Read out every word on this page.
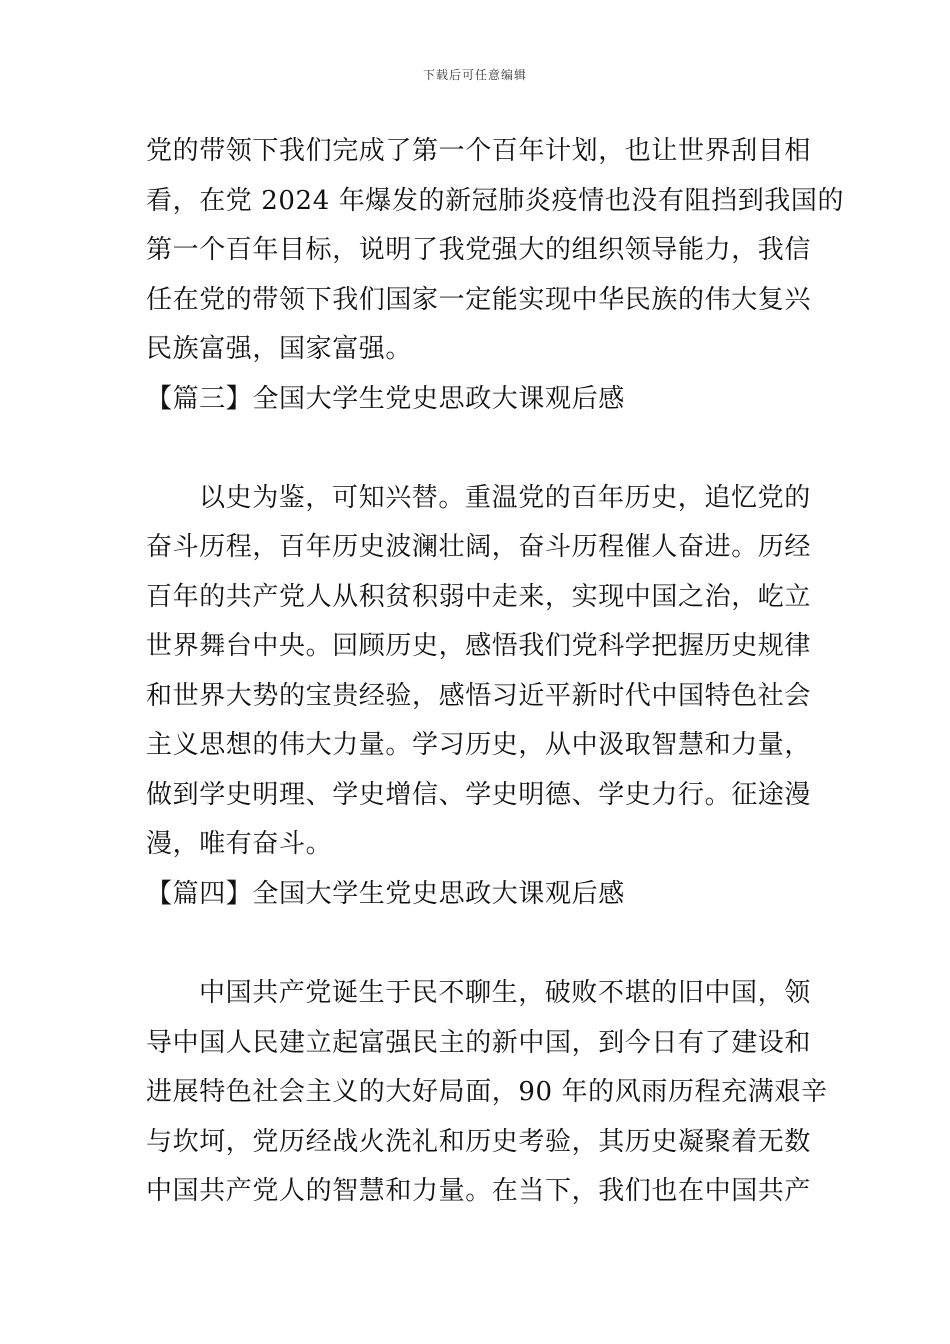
下载后可任意编辑
党的带领下我们完成了第一个百年计划，也让世界刮目相
看，在党 2024 年爆发的新冠肺炎疫情也没有阻挡到我国的
第一个百年目标，说明了我党强大的组织领导能力，我信
任在党的带领下我们国家一定能实现中华民族的伟大复兴
民族富强，国家富强。
【篇三】全国大学生党史思政大课观后感
以史为鉴，可知兴替。重温党的百年历史，追忆党的
奋斗历程，百年历史波澜壮阔，奋斗历程催人奋进。历经
百年的共产党人从积贫积弱中走来，实现中国之治，屹立
世界舞台中央。回顾历史，感悟我们党科学把握历史规律
和世界大势的宝贵经验，感悟习近平新时代中国特色社会
主义思想的伟大力量。学习历史，从中汲取智慧和力量，
做到学史明理、学史增信、学史明德、学史力行。征途漫
漫，唯有奋斗。
【篇四】全国大学生党史思政大课观后感
中国共产党诞生于民不聊生，破败不堪的旧中国，领
导中国人民建立起富强民主的新中国，到今日有了建设和
进展特色社会主义的大好局面，90 年的风雨历程充满艰辛
与坎坷，党历经战火洗礼和历史考验，其历史凝聚着无数
中国共产党人的智慧和力量。在当下，我们也在中国共产
